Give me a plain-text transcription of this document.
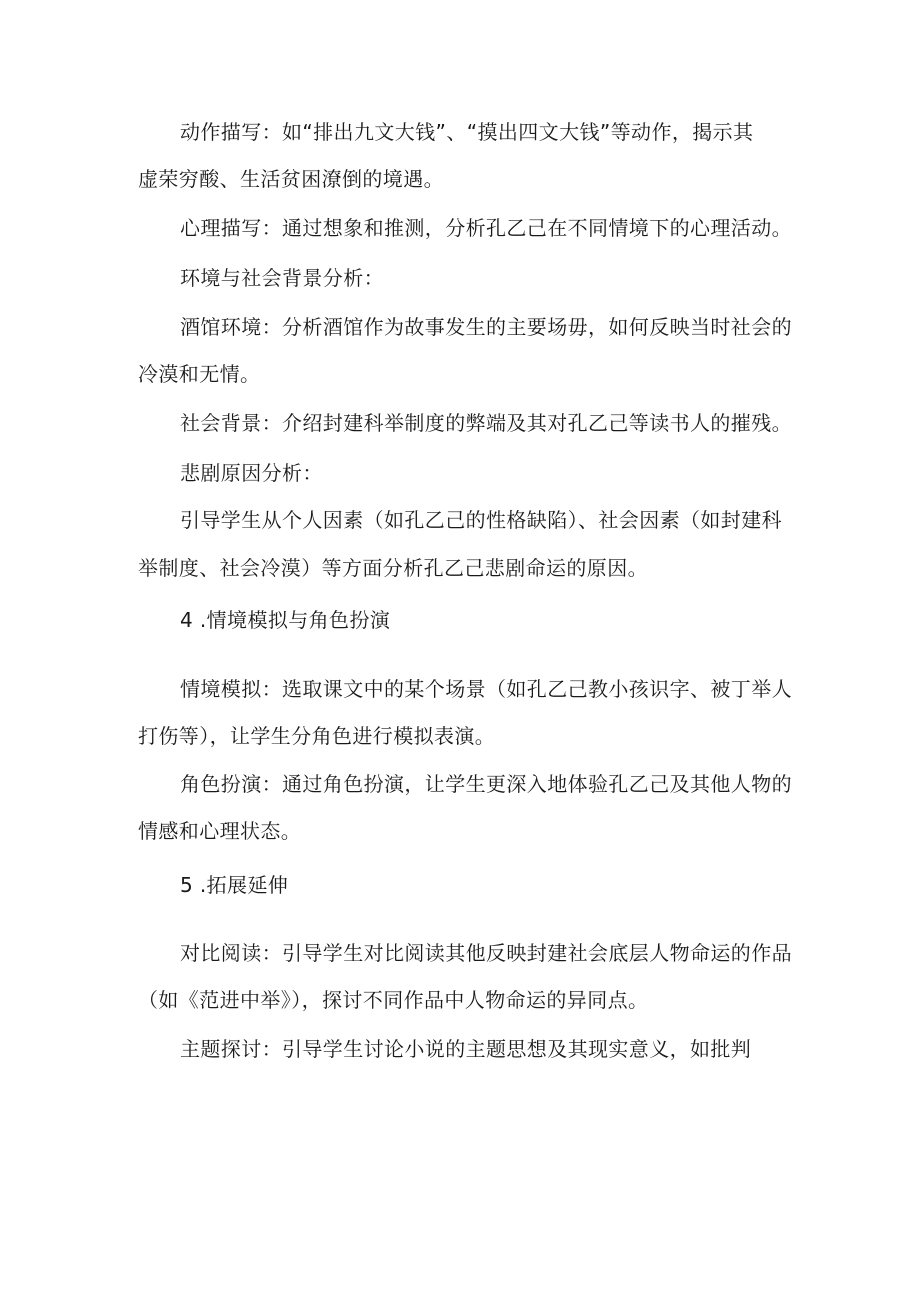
动作描写：如“排出九文大钱”、“摸出四文大钱”等动作，揭示其
虚荣穷酸、生活贫困潦倒的境遇。
心理描写：通过想象和推测，分析孔乙己在不同情境下的心理活动。
环境与社会背景分析：
酒馆环境：分析酒馆作为故事发生的主要场毋，如何反映当时社会的
冷漠和无情。
社会背景：介绍封建科举制度的弊端及其对孔乙己等读书人的摧残。
悲剧原因分析：
引导学生从个人因素（如孔乙己的性格缺陷）、社会因素（如封建科
举制度、社会冷漠）等方面分析孔乙己悲剧命运的原因。
4 .情境模拟与角色扮演
情境模拟：选取课文中的某个场景（如孔乙己教小孩识字、被丁举人
打伤等），让学生分角色进行模拟表演。
角色扮演：通过角色扮演，让学生更深入地体验孔乙己及其他人物的
情感和心理状态。
5 .拓展延伸
对比阅读：引导学生对比阅读其他反映封建社会底层人物命运的作品
（如《范进中举》），探讨不同作品中人物命运的异同点。
主题探讨：引导学生讨论小说的主题思想及其现实意义，如批判
